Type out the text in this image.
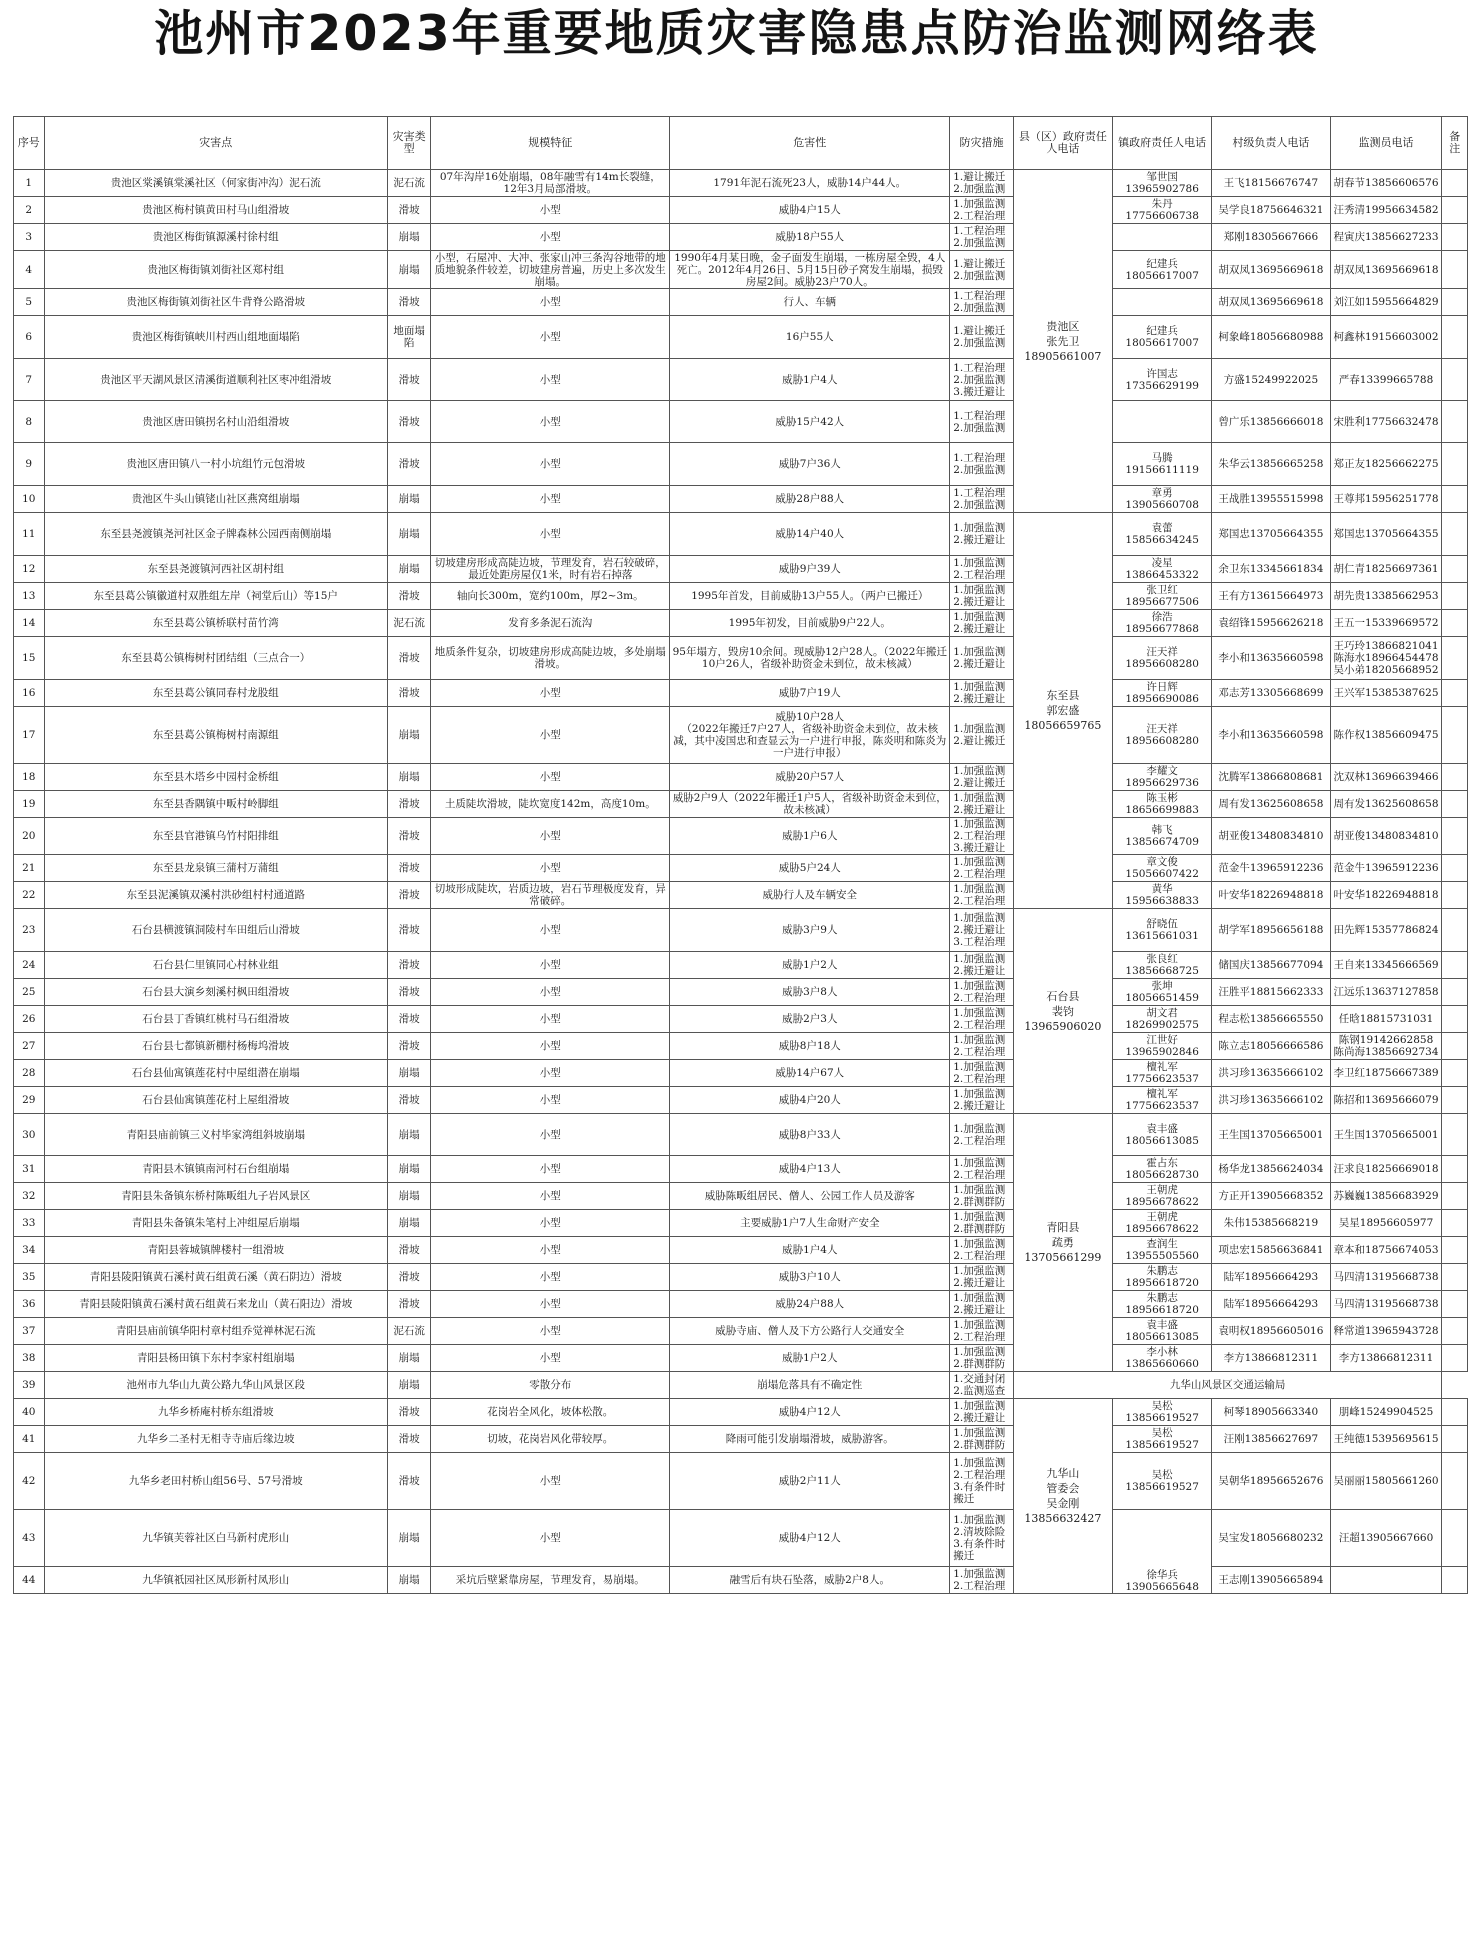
池州市2023年重要地质灾害隐患点防治监测网络表
序号	灾害点	灾害类型	规模特征	危害性	防灾措施	县（区）政府责任人电话	镇政府责任人电话	村级负责人电话	监测员电话	备注
1	贵池区棠溪镇棠溪社区（何家街冲沟）泥石流	泥石流	07年沟岸16处崩塌，08年融雪有14m长裂缝，12年3月局部滑坡。	1791年泥石流死23人，威胁14户44人。	1.避让搬迁
2.加强监测	贵池区
张先卫
18905661007	邹世国13965902786	王飞18156676747	胡春节13856606576	
2	贵池区梅村镇黄田村马山组滑坡	滑坡	小型	威胁4户15人	1.加强监测
2.工程治理		朱丹17756606738	吴学良18756646321	汪秀清19956634582	
3	贵池区梅街镇源溪村徐村组	崩塌	小型	威胁18户55人	1.工程治理
2.加强监测			郑刚18305667666	程寅庆13856627233	
4	贵池区梅街镇刘街社区郑村组	崩塌	小型，石屋冲、大冲、张家山冲三条沟谷地带的地质地貌条件较差，切坡建房普遍，历史上多次发生崩塌。	1990年4月某日晚，金子面发生崩塌，一栋房屋全毁，4人死亡。2012年4月26日、5月15日砂子窝发生崩塌，损毁房屋2间。威胁23户70人。	1.避让搬迁
2.加强监测		纪建兵18056617007	胡双凤13695669618	胡双凤13695669618	
5	贵池区梅街镇刘街社区牛背脊公路滑坡	滑坡	小型	行人、车辆	1.工程治理
2.加强监测			胡双凤13695669618	刘江如15955664829	
6	贵池区梅街镇峡川村西山组地面塌陷	地面塌陷	小型	16户55人	1.避让搬迁
2.加强监测		纪建兵18056617007	柯象峰18056680988	柯鑫林19156603002	
7	贵池区平天湖风景区清溪街道顺利社区枣冲组滑坡	滑坡	小型	威胁1户4人	1.工程治理
2.加强监测
3.搬迁避让		许国志17356629199	方盛15249922025	严春13399665788	
8	贵池区唐田镇拐名村山沿组滑坡	滑坡	小型	威胁15户42人	1.工程治理
2.加强监测			曾广乐13856666018	宋胜利17756632478	
9	贵池区唐田镇八一村小坑组竹元包滑坡	滑坡	小型	威胁7户36人	1.工程治理
2.加强监测		马腾19156611119	朱华云13856665258	郑正友18256662275	
10	贵池区牛头山镇铑山社区燕窝组崩塌	崩塌	小型	威胁28户88人	1.工程治理
2.加强监测		章勇13905660708	王战胜13955515998	王尊邦15956251778	
11	东至县尧渡镇尧河社区金子牌森林公园西南侧崩塌	崩塌	小型	威胁14户40人	1.加强监测
2.搬迁避让	东至县
郭宏盛
18056659765	袁蕾15856634245	郑国忠13705664355	郑国忠13705664355	
12	东至县尧渡镇河西社区胡村组	崩塌	切坡建房形成高陡边坡，节理发育，岩石较破碎，最近处距房屋仅1米，时有岩石掉落	威胁9户39人	1.加强监测
2.工程治理		凌星13866453322	余卫东13345661834	胡仁青18256697361	
13	东至县葛公镇徽道村双胜组左岸（祠堂后山）等15户	滑坡	轴向长300m，宽约100m，厚2~3m。	1995年首发，目前威胁13户55人。（两户已搬迁）	1.加强监测
2.搬迁避让		张卫红18956677506	王有方13615664973	胡先贵13385662953	
14	东至县葛公镇桥联村苗竹湾	泥石流	发育多条泥石流沟	1995年初发，目前威胁9户22人。	1.加强监测
2.搬迁避让		徐浩18956677868	袁绍锋15956626218	王五一15339669572	
15	东至县葛公镇梅树村团结组（三点合一）	滑坡	地质条件复杂，切坡建房形成高陡边坡，多处崩塌滑坡。	95年塌方，毁房10余间。现威胁12户28人。（2022年搬迁10户26人，省级补助资金未到位，故未核减）	1.加强监测
2.搬迁避让		汪天祥18956608280	李小和13635660598	王巧玲13866821041
陈海水18966454478
吴小弟18205668952	
16	东至县葛公镇同春村龙股组	滑坡	小型	威胁7户19人	1.加强监测
2.搬迁避让		许日辉18956690086	邓志芳13305668699	王兴军15385387625	
17	东至县葛公镇梅树村南源组	崩塌	小型	威胁10户28人
（2022年搬迁7户27人，省级补助资金未到位，故未核减，其中凌国忠和查显云为一户进行申报，陈炎明和陈炎为一户进行申报）	1.加强监测
2.避让搬迁		汪天祥18956608280	李小和13635660598	陈作权13856609475	
18	东至县木塔乡中园村金桥组	崩塌	小型	威胁20户57人	1.加强监测
2.避让搬迁		李耀文18956629736	沈腾军13866808681	沈双林13696639466	
19	东至县香隅镇中畈村岭脚组	滑坡	土质陡坎滑坡，陡坎宽度142m，高度10m。	威胁2户9人（2022年搬迁1户5人，省级补助资金未到位，故未核减）	1.加强监测
2.搬迁避让		陈玉彬18656699883	周有发13625608658	周有发13625608658	
20	东至县官港镇乌竹村阳排组	滑坡	小型	威胁1户6人	1.加强监测
2.工程治理
3.搬迁避让		韩飞13856674709	胡亚俊13480834810	胡亚俊13480834810	
21	东至县龙泉镇三蒲村万蒲组	滑坡	小型	威胁5户24人	1.加强监测
2.工程治理		章文俊15056607422	范金牛13965912236	范金牛13965912236	
22	东至县泥溪镇双溪村洪砂组村村通道路	滑坡	切坡形成陡坎，岩质边坡，岩石节理极度发育，异常破碎。	威胁行人及车辆安全	1.加强监测
2.工程治理		黄华15956638833	叶安华18226948818	叶安华18226948818	
23	石台县横渡镇洞陵村车田组后山滑坡	滑坡	小型	威胁3户9人	1.加强监测
2.搬迁避让
3.工程治理	石台县
裴钧
13965906020	舒晓伍13615661031	胡学军18956656188	田先辉15357786824	
24	石台县仁里镇同心村林业组	滑坡	小型	威胁1户2人	1.加强监测
2.搬迁避让		张良红13856668725	储国庆13856677094	王自来13345666569	
25	石台县大演乡刻溪村枫田组滑坡	滑坡	小型	威胁3户8人	1.加强监测
2.工程治理		张坤18056651459	汪胜平18815662333	江远乐13637127858	
26	石台县丁香镇红桃村马石组滑坡	滑坡	小型	威胁2户3人	1.加强监测
2.工程治理		胡文君18269902575	程志松13856665550	任晗18815731031	
27	石台县七都镇新棚村杨梅坞滑坡	滑坡	小型	威胁8户18人	1.加强监测
2.工程治理		江世好13965902846	陈立志18056666586	陈钢19142662858
陈尚海13856692734	
28	石台县仙寓镇莲花村中屋组潜在崩塌	崩塌	小型	威胁14户67人	1.加强监测
2.工程治理		檀礼军17756623537	洪习珍13635666102	李卫红18756667389	
29	石台县仙寓镇莲花村上屋组滑坡	滑坡	小型	威胁4户20人	1.加强监测
2.搬迁避让		檀礼军17756623537	洪习珍13635666102	陈招和13695666079	
30	青阳县庙前镇三义村毕家湾组斜坡崩塌	崩塌	小型	威胁8户33人	1.加强监测
2.工程治理	青阳县
疏勇
13705661299	袁丰盛18056613085	王生国13705665001	王生国13705665001	
31	青阳县木镇镇南河村石台组崩塌	崩塌	小型	威胁4户13人	1.加强监测
2.工程治理		霍占东18056628730	杨华龙13856624034	汪求良18256669018	
32	青阳县朱备镇东桥村陈畈组九子岩风景区	崩塌	小型	威胁陈畈组居民、僧人、公园工作人员及游客	1.加强监测
2.群测群防		王朝虎18956678622	方正开13905668352	苏巍巍13856683929	
33	青阳县朱备镇朱笔村上冲组屋后崩塌	崩塌	小型	主要威胁1户7人生命财产安全	1.加强监测
2.群测群防		王朝虎18956678622	朱伟15385668219	吴星18956605977	
34	青阳县蓉城镇牌楼村一组滑坡	滑坡	小型	威胁1户4人	1.加强监测
2.工程治理		查润生13955505560	项忠宏15856636841	章本和18756674053	
35	青阳县陵阳镇黄石溪村黄石组黄石溪（黄石阴边）滑坡	滑坡	小型	威胁3户10人	1.加强监测
2.搬迁避让		朱鹏志18956618720	陆军18956664293	马四清13195668738	
36	青阳县陵阳镇黄石溪村黄石组黄石来龙山（黄石阳边）滑坡	滑坡	小型	威胁24户88人	1.加强监测
2.搬迁避让		朱鹏志18956618720	陆军18956664293	马四清13195668738	
37	青阳县庙前镇华阳村章村组乔觉禅林泥石流	泥石流	小型	威胁寺庙、僧人及下方公路行人交通安全	1.加强监测
2.工程治理		袁丰盛18056613085	袁明权18956605016	释常道13965943728	
38	青阳县杨田镇下东村李家村组崩塌	崩塌	小型	威胁1户2人	1.加强监测
2.群测群防		李小林13865660660	李方13866812311	李方13866812311	
39	池州市九华山九黄公路九华山风景区段	崩塌	零散分布	崩塌危落具有不确定性	1.交通封闭
2.监测巡查	九华山风景区交通运输局				
40	九华乡桥庵村桥东组滑坡	滑坡	花岗岩全风化，坡体松散。	威胁4户12人	1.加强监测
2.搬迁避让	九华山
管委会
吴金刚
13856632427	吴松13856619527	柯琴18905663340	朋峰15249904525	
41	九华乡二圣村无相寺寺庙后缘边坡	滑坡	切坡，花岗岩风化带较厚。	降雨可能引发崩塌滑坡，威胁游客。	1.加强监测
2.群测群防		吴松13856619527	汪刚13856627697	王纯德15395695615	
42	九华乡老田村桥山组56号、57号滑坡	滑坡	小型	威胁2户11人	1.加强监测
2.工程治理
3.有条件时搬迁		吴松13856619527	吴朝华18956652676	吴丽丽15805661260	
43	九华镇芙蓉社区白马新村虎形山	崩塌	小型	威胁4户12人	1.加强监测
2.清坡除险
3.有条件时搬迁		徐华兵13905665648	吴宝发18056680232	汪超13905667660	
44	九华镇祇园社区凤形新村凤形山	崩塌	采坑后壁紧靠房屋，节理发育，易崩塌。	融雪后有块石坠落，威胁2户8人。	1.加强监测
2.工程治理			王志刚13905665894		
